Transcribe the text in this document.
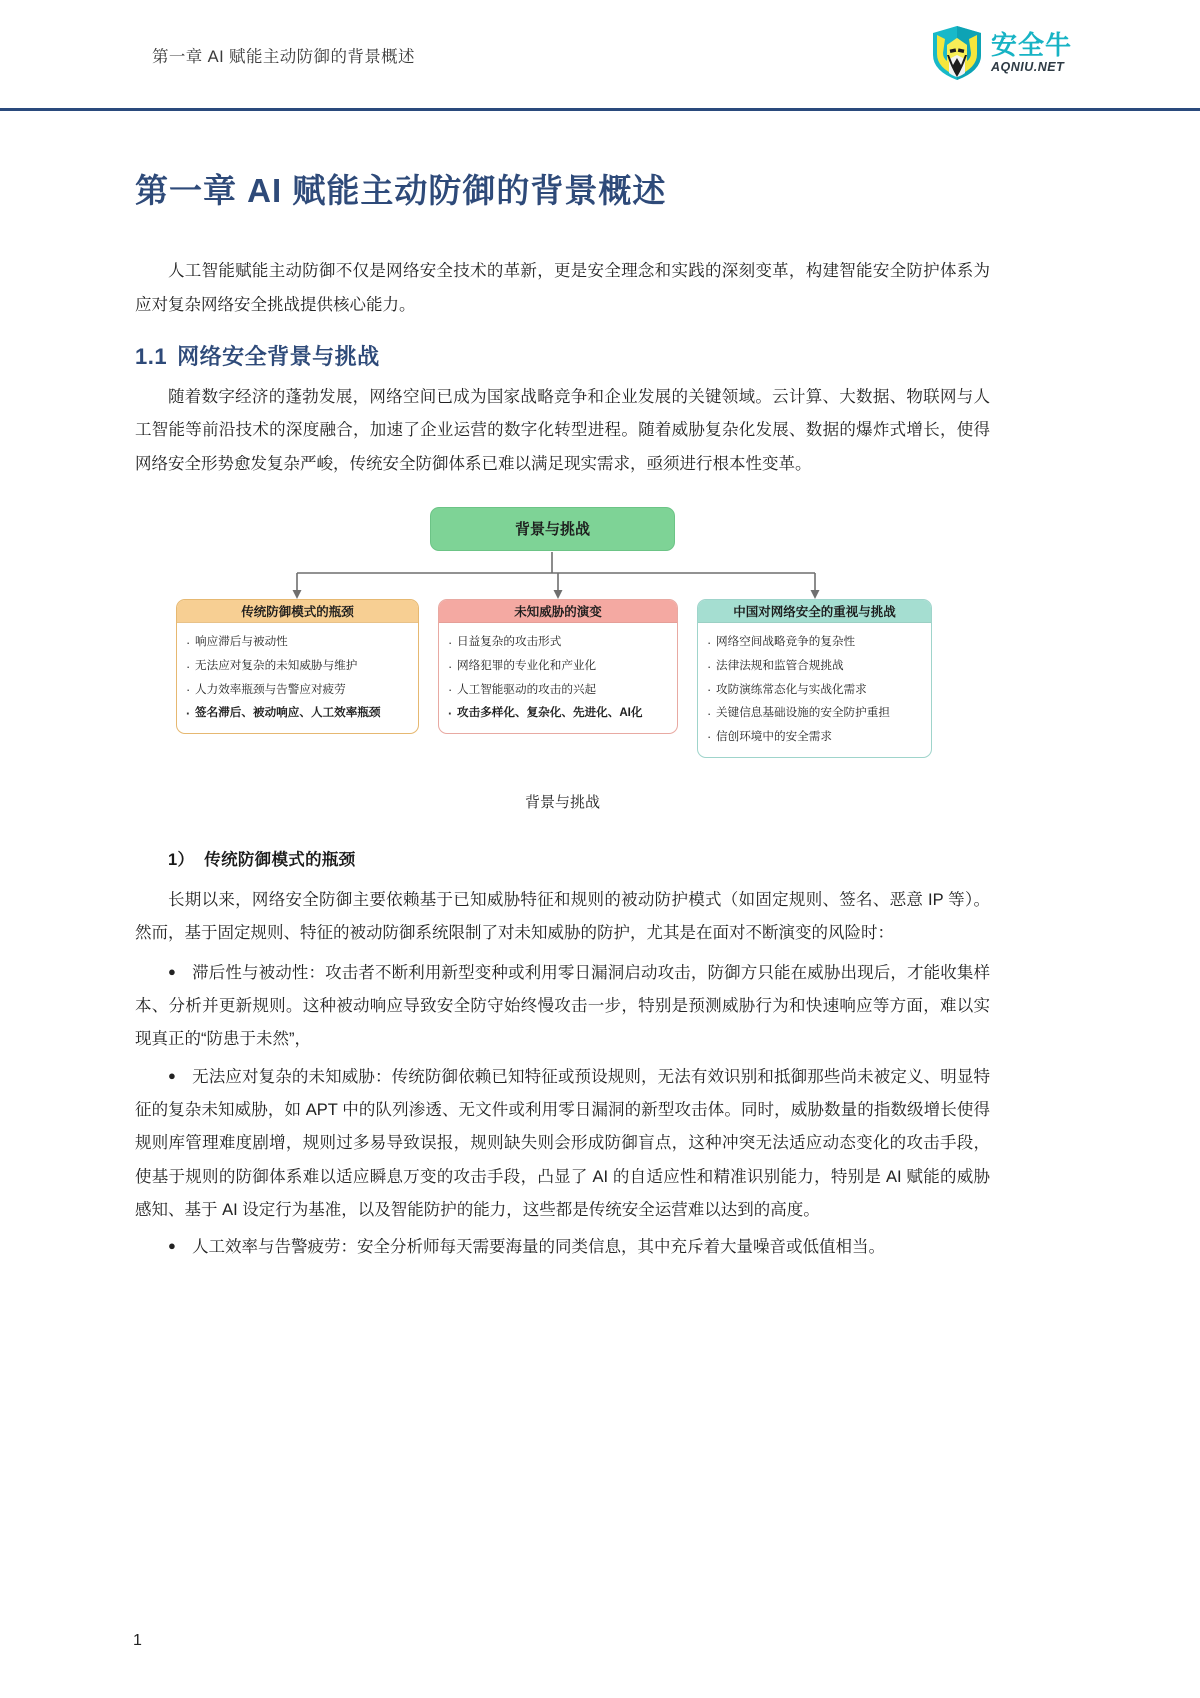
第一章 AI 赋能主动防御的背景概述	安全牛
AQNIU.NET
第一章 AI 赋能主动防御的背景概述

人工智能赋能主动防御不仅是网络安全技术的革新，更是安全理念和实践的深刻变革，构建智能安全防护体系为应对复杂网络安全挑战提供核心能力。

1.1 网络安全背景与挑战

随着数字经济的蓬勃发展，网络空间已成为国家战略竞争和企业发展的关键领域。云计算、大数据、物联网与人工智能等前沿技术的深度融合，加速了企业运营的数字化转型进程。随着威胁复杂化发展、数据的爆炸式增长，使得网络安全形势愈发复杂严峻，传统安全防御体系已难以满足现实需求，亟须进行根本性变革。

背景与挑战
传统防御模式的瓶颈
· 响应滞后与被动性
· 无法应对复杂的未知威胁与维护
· 人力效率瓶颈与告警应对疲劳
· 签名滞后、被动响应、人工效率瓶颈
未知威胁的演变
· 日益复杂的攻击形式
· 网络犯罪的专业化和产业化
· 人工智能驱动的攻击的兴起
· 攻击多样化、复杂化、先进化、AI化
中国对网络安全的重视与挑战
· 网络空间战略竞争的复杂性
· 法律法规和监管合规挑战
· 攻防演练常态化与实战化需求
· 关键信息基础设施的安全防护重担
· 信创环境中的安全需求
背景与挑战
1） 传统防御模式的瓶颈

长期以来，网络安全防御主要依赖基于已知威胁特征和规则的被动防护模式（如固定规则、签名、恶意 IP 等）。然而，基于固定规则、特征的被动防御系统限制了对未知威胁的防护，尤其是在面对不断演变的风险时：

● 滞后性与被动性：攻击者不断利用新型变种或利用零日漏洞启动攻击，防御方只能在威胁出现后，才能收集样本、分析并更新规则。这种被动响应导致安全防守始终慢攻击一步，特别是预测威胁行为和快速响应等方面，难以实现真正的“防患于未然”，
● 无法应对复杂的未知威胁：传统防御依赖已知特征或预设规则，无法有效识别和抵御那些尚未被定义、明显特征的复杂未知威胁，如 APT 中的队列渗透、无文件或利用零日漏洞的新型攻击体。同时，威胁数量的指数级增长使得规则库管理难度剧增，规则过多易导致误报，规则缺失则会形成防御盲点，这种冲突无法适应动态变化的攻击手段，使基于规则的防御体系难以适应瞬息万变的攻击手段，凸显了 AI 的自适应性和精准识别能力，特别是 AI 赋能的威胁感知、基于 AI 设定行为基准，以及智能防护的能力，这些都是传统安全运营难以达到的高度。
● 人工效率与告警疲劳：安全分析师每天需要海量的同类信息，其中充斥着大量噪音或低值相当。
1
